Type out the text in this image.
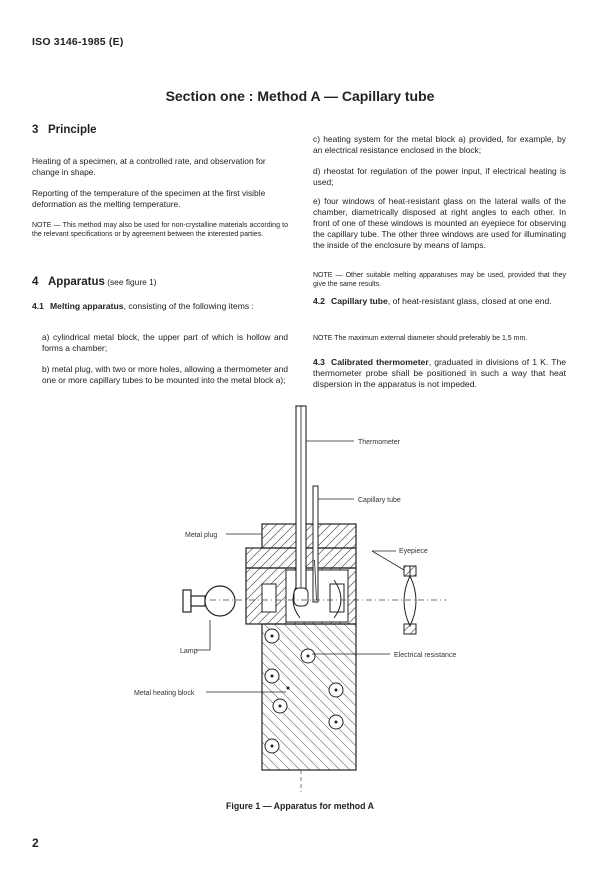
ISO 3146-1985 (E)
Section one : Method A — Capillary tube
3 Principle

Heating of a specimen, at a controlled rate, and observation for change in shape.

Reporting of the temperature of the specimen at the first visible deformation as the melting temperature.

NOTE — This method may also be used for non-crystalline materials according to the relevant specifications or by agreement between the interested parties.

4 Apparatus (see figure 1)
4.1 Melting apparatus, consisting of the following items :

a) cylindrical metal block, the upper part of which is hollow and forms a chamber;

b) metal plug, with two or more holes, allowing a thermometer and one or more capillary tubes to be mounted into the metal block a);

c) heating system for the metal block a) provided, for example, by an electrical resistance enclosed in the block;

d) rheostat for regulation of the power input, if electrical heating is used;

e) four windows of heat-resistant glass on the lateral walls of the chamber, diametrically disposed at right angles to each other. In front of one of these windows is mounted an eyepiece for observing the capillary tube. The other three windows are used for illuminating the inside of the enclosure by means of lamps.

NOTE — Other suitable melting apparatuses may be used, provided that they give the same results.

4.2 Capillary tube, of heat-resistant glass, closed at one end.

NOTE The maximum external diameter should preferably be 1,5 mm.

4.3 Calibrated thermometer, graduated in divisions of 1 K. The thermometer probe shall be positioned in such a way that heat dispersion in the apparatus is not impeded.
Thermometer
Capillary tube
Metal plug
Eyepiece
Lamp
Electrical resistance
Metal heating block
Figure 1 — Apparatus for method A
2
